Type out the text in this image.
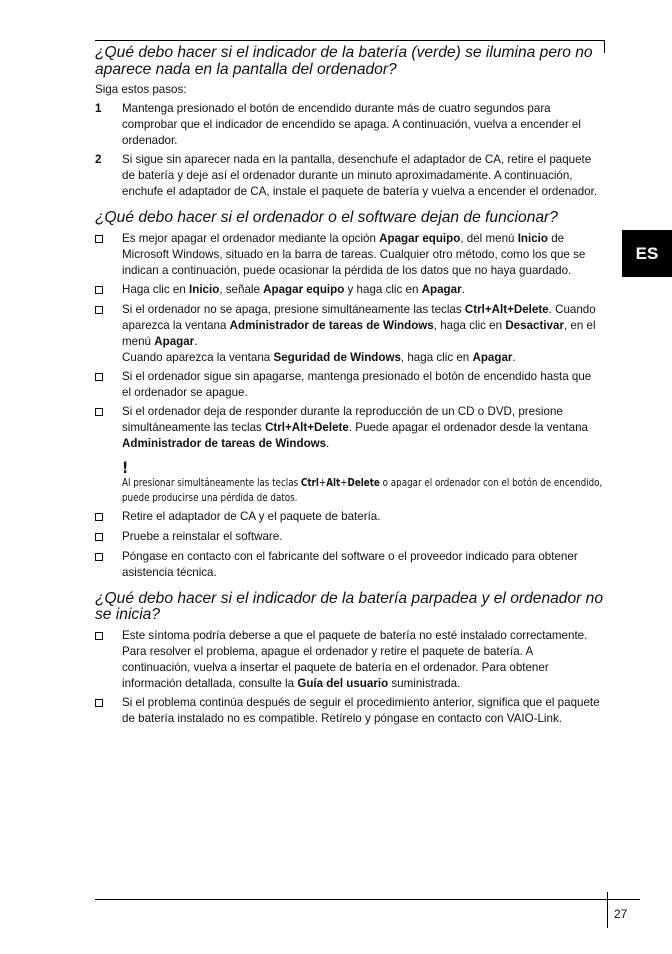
ES
¿Qué debo hacer si el indicador de la batería (verde) se ilumina pero no aparece nada en la pantalla del ordenador?

Siga estos pasos:

1	Mantenga presionado el botón de encendido durante más de cuatro segundos para comprobar que el indicador de encendido se apaga. A continuación, vuelva a encender el ordenador.
2	Si sigue sin aparecer nada en la pantalla, desenchufe el adaptador de CA, retire el paquete de batería y deje así el ordenador durante un minuto aproximadamente. A continuación, enchufe el adaptador de CA, instale el paquete de batería y vuelva a encender el ordenador.
¿Qué debo hacer si el ordenador o el software dejan de funcionar?
Es mejor apagar el ordenador mediante la opción Apagar equipo, del menú Inicio de Microsoft Windows, situado en la barra de tareas. Cualquier otro método, como los que se indican a continuación, puede ocasionar la pérdida de los datos que no haya guardado.
Haga clic en Inicio, señale Apagar equipo y haga clic en Apagar.
Si el ordenador no se apaga, presione simultáneamente las teclas Ctrl+Alt+Delete. Cuando aparezca la ventana Administrador de tareas de Windows, haga clic en Desactivar, en el menú Apagar.
Cuando aparezca la ventana Seguridad de Windows, haga clic en Apagar.
Si el ordenador sigue sin apagarse, mantenga presionado el botón de encendido hasta que el ordenador se apague.
Si el ordenador deja de responder durante la reproducción de un CD o DVD, presione simultáneamente las teclas Ctrl+Alt+Delete. Puede apagar el ordenador desde la ventana Administrador de tareas de Windows.
!
Al presionar simultáneamente las teclas Ctrl+Alt+Delete o apagar el ordenador con el botón de encendido, puede producirse una pérdida de datos.
Retire el adaptador de CA y el paquete de batería.
Pruebe a reinstalar el software.
Póngase en contacto con el fabricante del software o el proveedor indicado para obtener asistencia técnica.
¿Qué debo hacer si el indicador de la batería parpadea y el ordenador no se inicia?
Este síntoma podría deberse a que el paquete de batería no esté instalado correctamente. Para resolver el problema, apague el ordenador y retire el paquete de batería. A continuación, vuelva a insertar el paquete de batería en el ordenador. Para obtener información detallada, consulte la Guía del usuario suministrada.
Si el problema continúa después de seguir el procedimiento anterior, significa que el paquete de batería instalado no es compatible. Retírelo y póngase en contacto con VAIO-Link.
27
